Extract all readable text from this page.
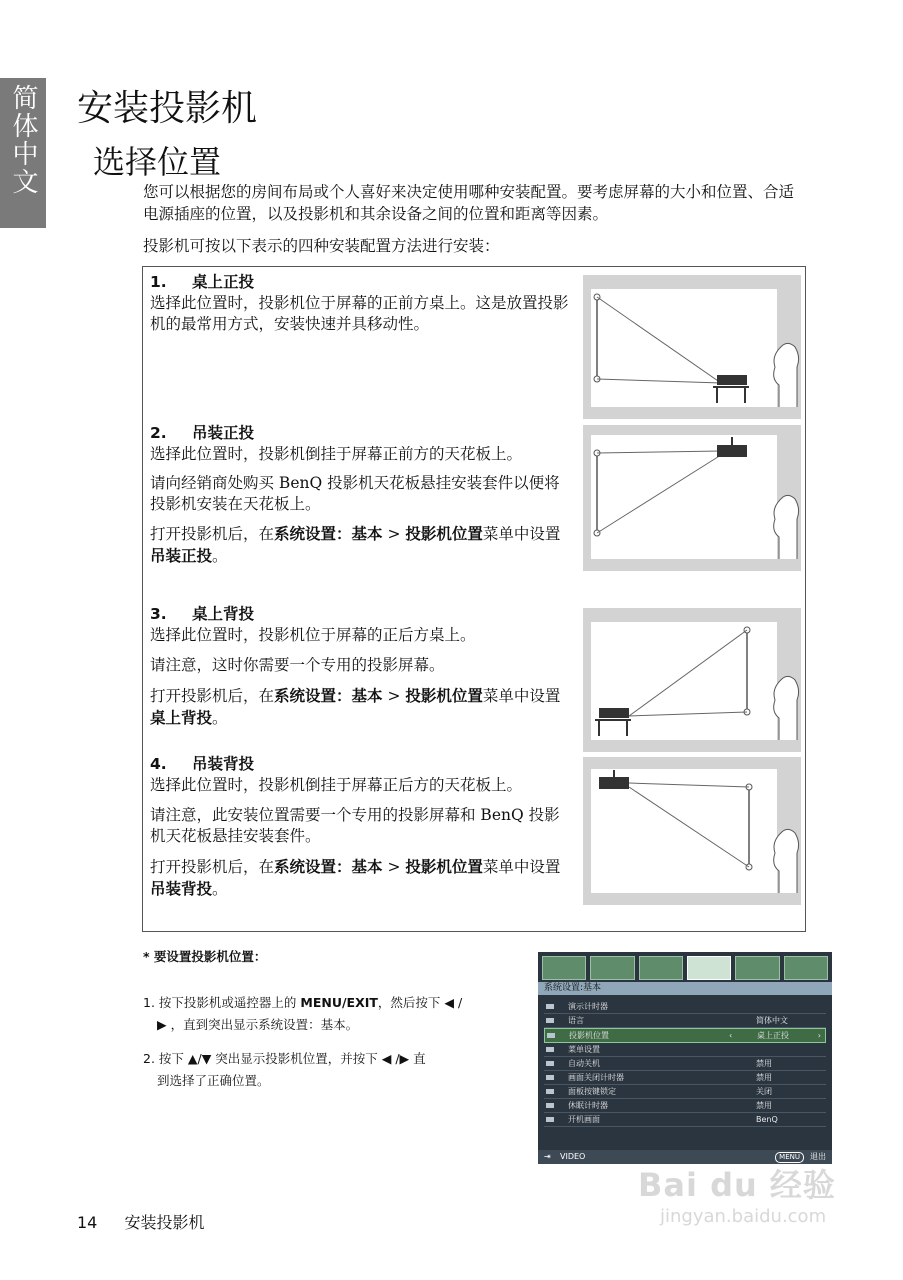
简体中文 安装投影机
选择位置

您可以根据您的房间布局或个人喜好来决定使用哪种安装配置。要考虑屏幕的大小和位置、合适电源插座的位置，以及投影机和其余设备之间的位置和距离等因素。

投影机可按以下表示的四种安装配置方法进行安装：

1. 桌上正投

选择此位置时，投影机位于屏幕的正前方桌上。这是放置投影机的最常用方式，安装快速并具移动性。

2. 吊装正投

选择此位置时，投影机倒挂于屏幕正前方的天花板上。

请向经销商处购买 BenQ 投影机天花板悬挂安装套件以便将投影机安装在天花板上。

打开投影机后，在系统设置：基本 > 投影机位置菜单中设置吊装正投。

3. 桌上背投

选择此位置时，投影机位于屏幕的正后方桌上。

请注意，这时你需要一个专用的投影屏幕。

打开投影机后，在系统设置：基本 > 投影机位置菜单中设置桌上背投。

4. 吊装背投

选择此位置时，投影机倒挂于屏幕正后方的天花板上。

请注意，此安装位置需要一个专用的投影屏幕和 BenQ 投影机天花板悬挂安装套件。

打开投影机后，在系统设置：基本 > 投影机位置菜单中设置吊装背投。

* 要设置投影机位置：

1. 按下投影机或遥控器上的 MENU/EXIT，然后按下 ◀ /

▶ ，直到突出显示系统设置：基本。

2. 按下 ▲/▼ 突出显示投影机位置，并按下 ◀ /▶ 直

到选择了正确位置。

系统设置:基本
演示计时器
语言	简体中文
投影机位置	桌上正投
‹	›
菜单设置
自动关机	禁用
画面关闭计时器	禁用
面板按键锁定	关闭
休眠计时器	禁用
开机画面	BenQ
⇥ VIDEO	MENU	退出
14 安装投影机
Bai du 经验
jingyan.baidu.com
